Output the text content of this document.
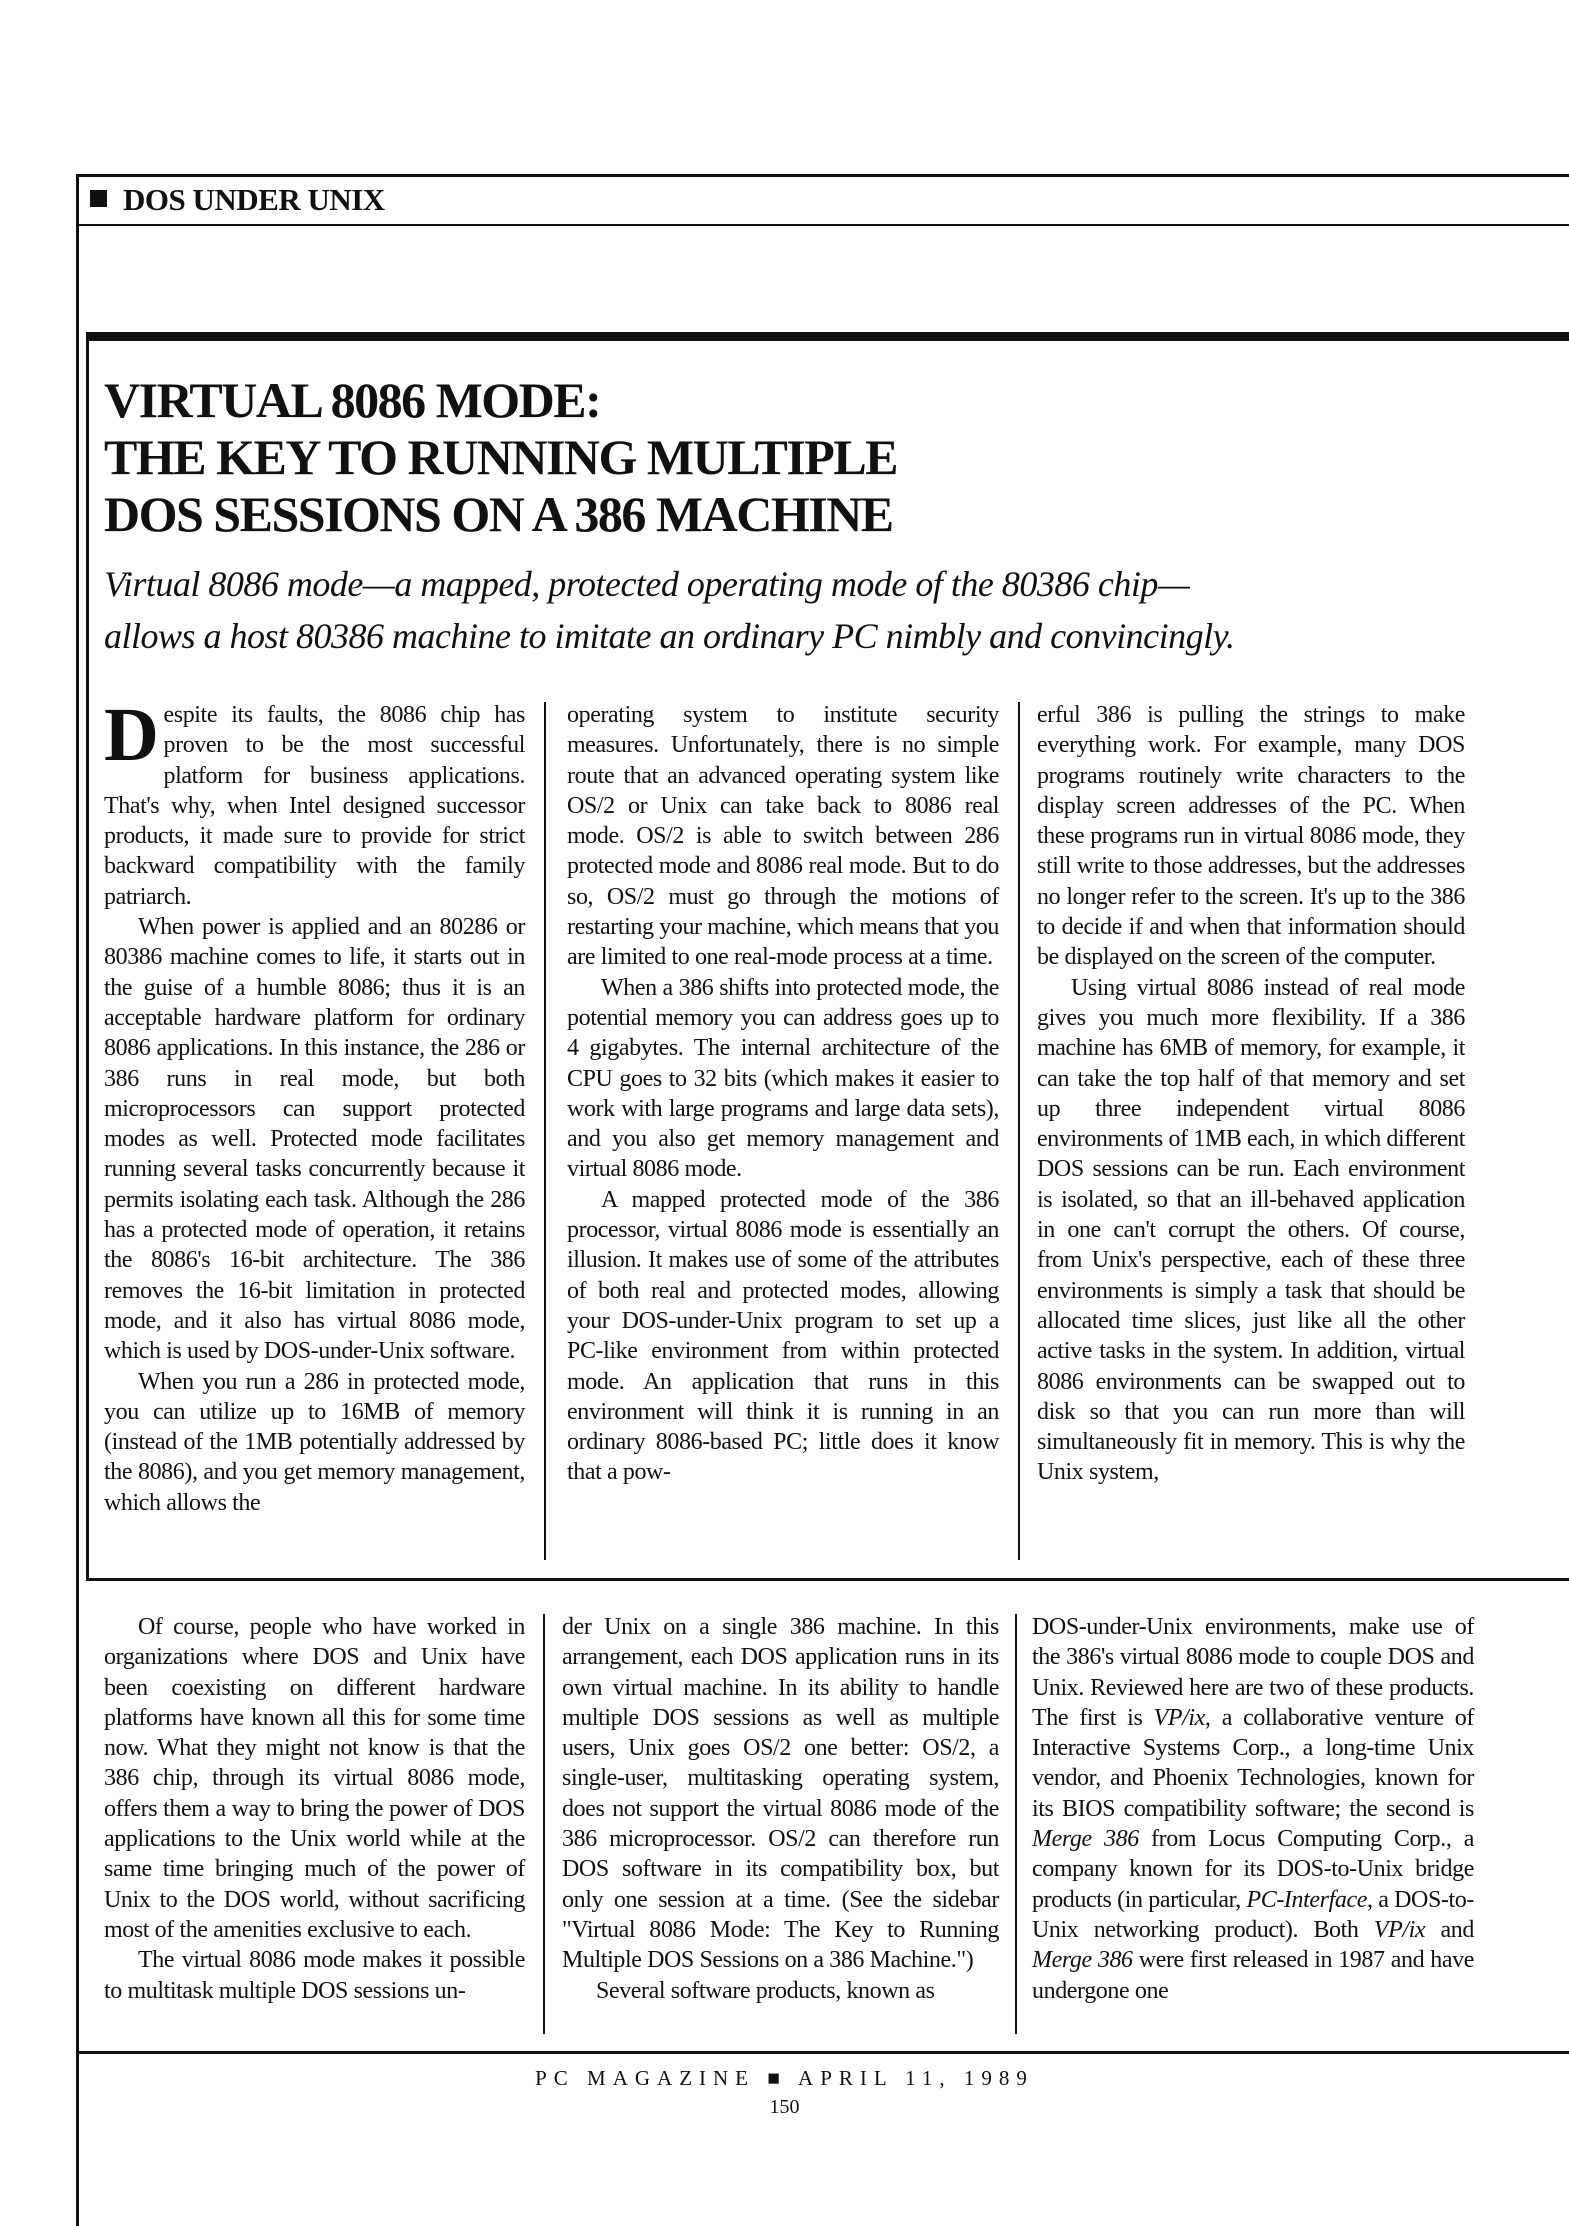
DOS UNDER UNIX
VIRTUAL 8086 MODE:
THE KEY TO RUNNING MULTIPLE
DOS SESSIONS ON A 386 MACHINE
Virtual 8086 mode—a mapped, protected operating mode of the 80386 chip—
allows a host 80386 machine to imitate an ordinary PC nimbly and convincingly.

Despite its faults, the 8086 chip has proven to be the most successful platform for business applications. That's why, when Intel designed successor products, it made sure to provide for strict backward compatibility with the family patriarch.

When power is applied and an 80286 or 80386 machine comes to life, it starts out in the guise of a humble 8086; thus it is an acceptable hardware platform for ordinary 8086 applications. In this instance, the 286 or 386 runs in real mode, but both microprocessors can support protected modes as well. Protected mode facilitates running several tasks concurrently because it permits isolating each task. Although the 286 has a protected mode of operation, it retains the 8086's 16-bit architecture. The 386 removes the 16-bit limitation in protected mode, and it also has virtual 8086 mode, which is used by DOS-under-Unix software.

When you run a 286 in protected mode, you can utilize up to 16MB of memory (instead of the 1MB potentially addressed by the 8086), and you get memory management, which allows the

operating system to institute security measures. Unfortunately, there is no simple route that an advanced operating system like OS/2 or Unix can take back to 8086 real mode. OS/2 is able to switch between 286 protected mode and 8086 real mode. But to do so, OS/2 must go through the motions of restarting your machine, which means that you are limited to one real-mode process at a time.

When a 386 shifts into protected mode, the potential memory you can address goes up to 4 gigabytes. The internal architecture of the CPU goes to 32 bits (which makes it easier to work with large programs and large data sets), and you also get memory management and virtual 8086 mode.

A mapped protected mode of the 386 processor, virtual 8086 mode is essentially an illusion. It makes use of some of the attributes of both real and protected modes, allowing your DOS-under-Unix program to set up a PC-like environment from within protected mode. An application that runs in this environment will think it is running in an ordinary 8086-based PC; little does it know that a pow-

erful 386 is pulling the strings to make everything work. For example, many DOS programs routinely write characters to the display screen addresses of the PC. When these programs run in virtual 8086 mode, they still write to those addresses, but the addresses no longer refer to the screen. It's up to the 386 to decide if and when that information should be displayed on the screen of the computer.

Using virtual 8086 instead of real mode gives you much more flexibility. If a 386 machine has 6MB of memory, for example, it can take the top half of that memory and set up three independent virtual 8086 environments of 1MB each, in which different DOS sessions can be run. Each environment is isolated, so that an ill-behaved application in one can't corrupt the others. Of course, from Unix's perspective, each of these three environments is simply a task that should be allocated time slices, just like all the other active tasks in the system. In addition, virtual 8086 environments can be swapped out to disk so that you can run more than will simultaneously fit in memory. This is why the Unix system,

Of course, people who have worked in organizations where DOS and Unix have been coexisting on different hardware platforms have known all this for some time now. What they might not know is that the 386 chip, through its virtual 8086 mode, offers them a way to bring the power of DOS applications to the Unix world while at the same time bringing much of the power of Unix to the DOS world, without sacrificing most of the amenities exclusive to each.

The virtual 8086 mode makes it possible to multitask multiple DOS sessions un-

der Unix on a single 386 machine. In this arrangement, each DOS application runs in its own virtual machine. In its ability to handle multiple DOS sessions as well as multiple users, Unix goes OS/2 one better: OS/2, a single-user, multitasking operating system, does not support the virtual 8086 mode of the 386 microprocessor. OS/2 can therefore run DOS software in its compatibility box, but only one session at a time. (See the sidebar "Virtual 8086 Mode: The Key to Running Multiple DOS Sessions on a 386 Machine.")

Several software products, known as

DOS-under-Unix environments, make use of the 386's virtual 8086 mode to couple DOS and Unix. Reviewed here are two of these products. The first is VP/ix, a collaborative venture of Interactive Systems Corp., a long-time Unix vendor, and Phoenix Technologies, known for its BIOS compatibility software; the second is Merge 386 from Locus Computing Corp., a company known for its DOS-to-Unix bridge products (in particular, PC-Interface, a DOS-to-Unix networking product). Both VP/ix and Merge 386 were first released in 1987 and have undergone one

PC MAGAZINE ■ APRIL 11, 1989
150
